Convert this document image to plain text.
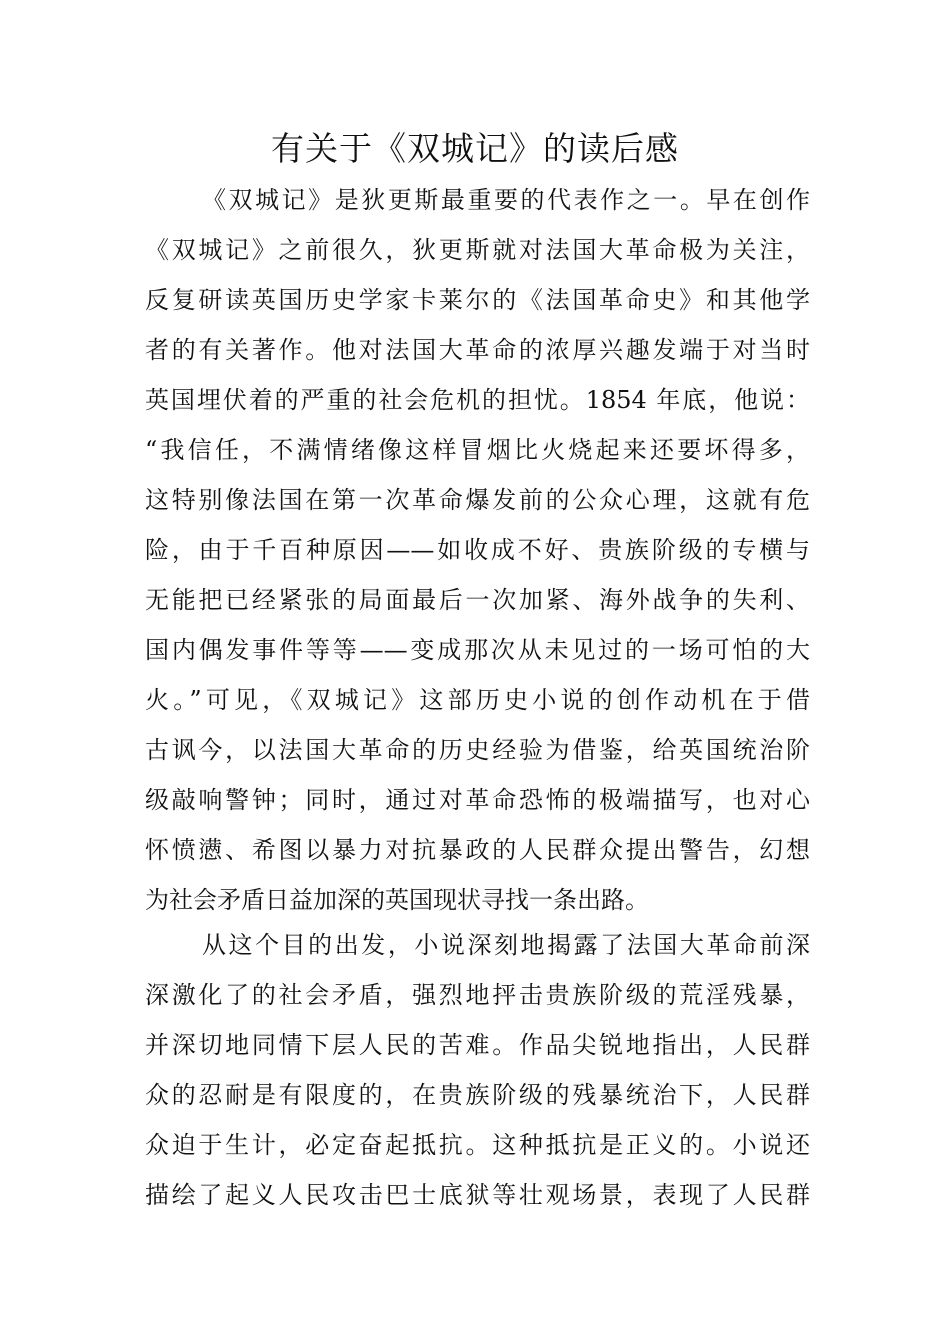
有关于《双城记》的读后感
《双城记》是狄更斯最重要的代表作之一。早在创作
《双城记》之前很久，狄更斯就对法国大革命极为关注，
反复研读英国历史学家卡莱尔的《法国革命史》和其他学
者的有关著作。他对法国大革命的浓厚兴趣发端于对当时
英国埋伏着的严重的社会危机的担忧。1854 年底，他说：
“我信任，不满情绪像这样冒烟比火烧起来还要坏得多，
这特别像法国在第一次革命爆发前的公众心理，这就有危
险，由于千百种原因——如收成不好、贵族阶级的专横与
无能把已经紧张的局面最后一次加紧、海外战争的失利、
国内偶发事件等等——变成那次从未见过的一场可怕的大
火。”可见，《双城记》这部历史小说的创作动机在于借
古讽今，以法国大革命的历史经验为借鉴，给英国统治阶
级敲响警钟；同时，通过对革命恐怖的极端描写，也对心
怀愤懑、希图以暴力对抗暴政的人民群众提出警告，幻想
为社会矛盾日益加深的英国现状寻找一条出路。
从这个目的出发，小说深刻地揭露了法国大革命前深
深激化了的社会矛盾，强烈地抨击贵族阶级的荒淫残暴，
并深切地同情下层人民的苦难。作品尖锐地指出，人民群
众的忍耐是有限度的，在贵族阶级的残暴统治下，人民群
众迫于生计，必定奋起抵抗。这种抵抗是正义的。小说还
描绘了起义人民攻击巴士底狱等壮观场景，表现了人民群
